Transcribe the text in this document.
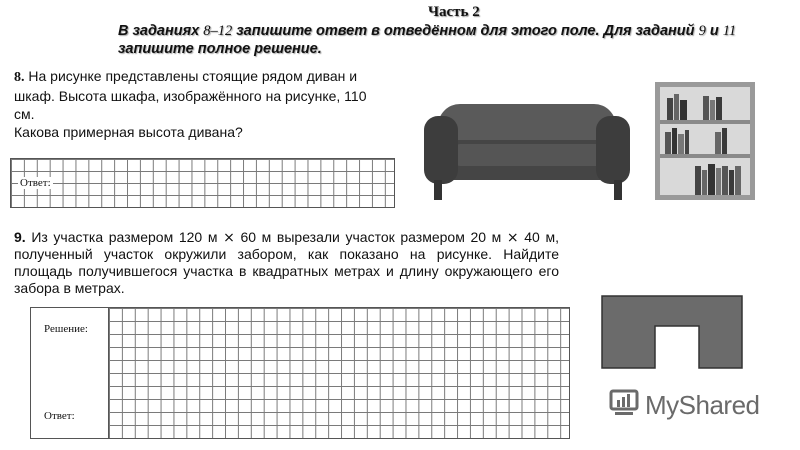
Часть 2
В заданиях 8–12 запишите ответ в отведённом для этого поле. Для заданий 9 и 11 запишите полное решение.
8. На рисунке представлены стоящие рядом диван и шкаф. Высота шкафа, изображённого на рисунке, 110 см.
Какова примерная высота дивана?
Ответ:
9. Из участка размером 120 м ⨯ 60 м вырезали участок размером 20 м ⨯ 40 м, полученный участок окружили забором, как показано на рисунке. Найдите площадь получившегося участка в квадратных метрах и длину окружающего его забора в метрах.
Решение:
Ответ:	MyShared
